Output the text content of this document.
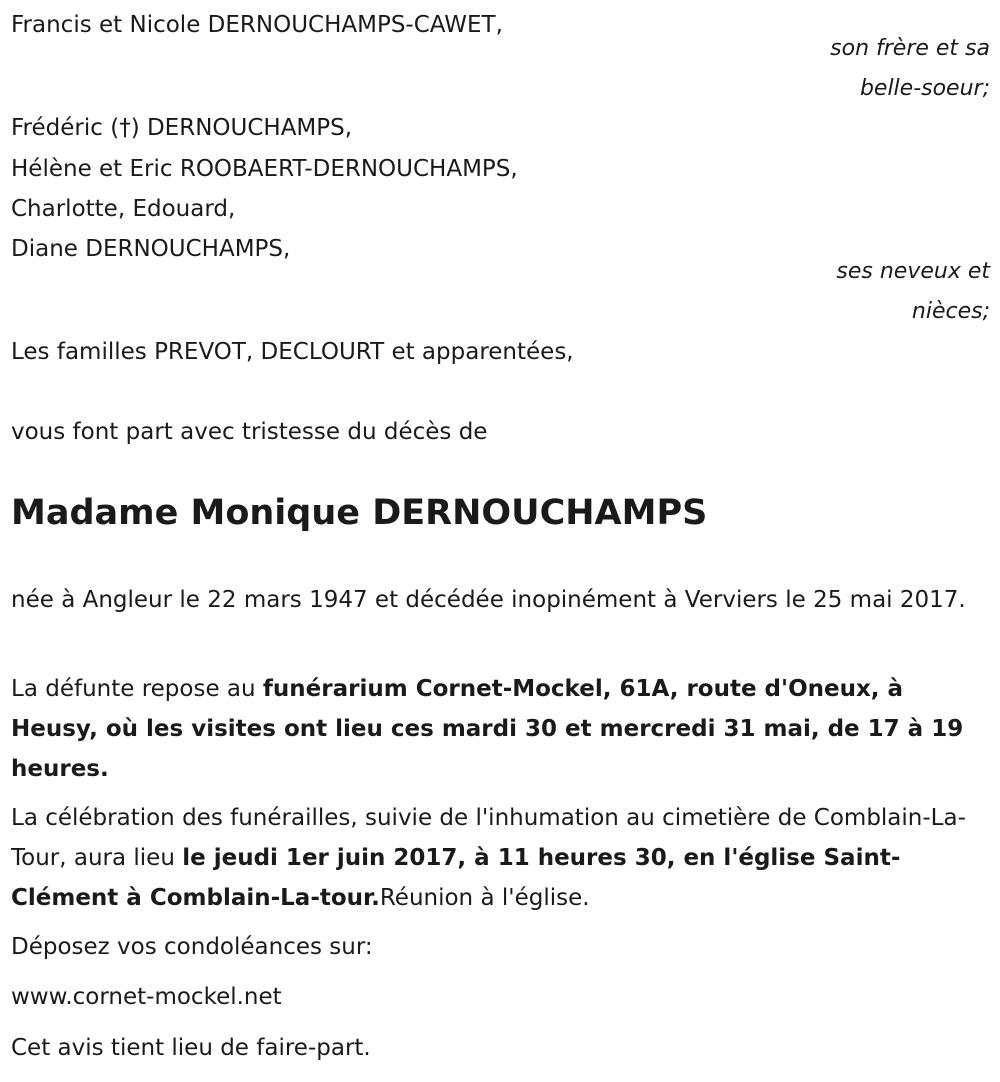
Francis et Nicole DERNOUCHAMPS-CAWET,
son frère et sa
belle-soeur;
Frédéric (†) DERNOUCHAMPS,
Hélène et Eric ROOBAERT-DERNOUCHAMPS,
Charlotte, Edouard,
Diane DERNOUCHAMPS,
ses neveux et
nièces;
Les familles PREVOT, DECLOURT et apparentées,
vous font part avec tristesse du décès de
Madame Monique DERNOUCHAMPS
née à Angleur le 22 mars 1947 et décédée inopinément à Verviers le 25 mai 2017.
La défunte repose au funérarium Cornet-Mockel, 61A, route d'Oneux, à Heusy, où les visites ont lieu ces mardi 30 et mercredi 31 mai, de 17 à 19 heures.
La célébration des funérailles, suivie de l'inhumation au cimetière de Comblain-La-Tour, aura lieu le jeudi 1er juin 2017, à 11 heures 30, en l'église Saint-Clément à Comblain-La-tour.Réunion à l'église.
Déposez vos condoléances sur:
www.cornet-mockel.net
Cet avis tient lieu de faire-part.
